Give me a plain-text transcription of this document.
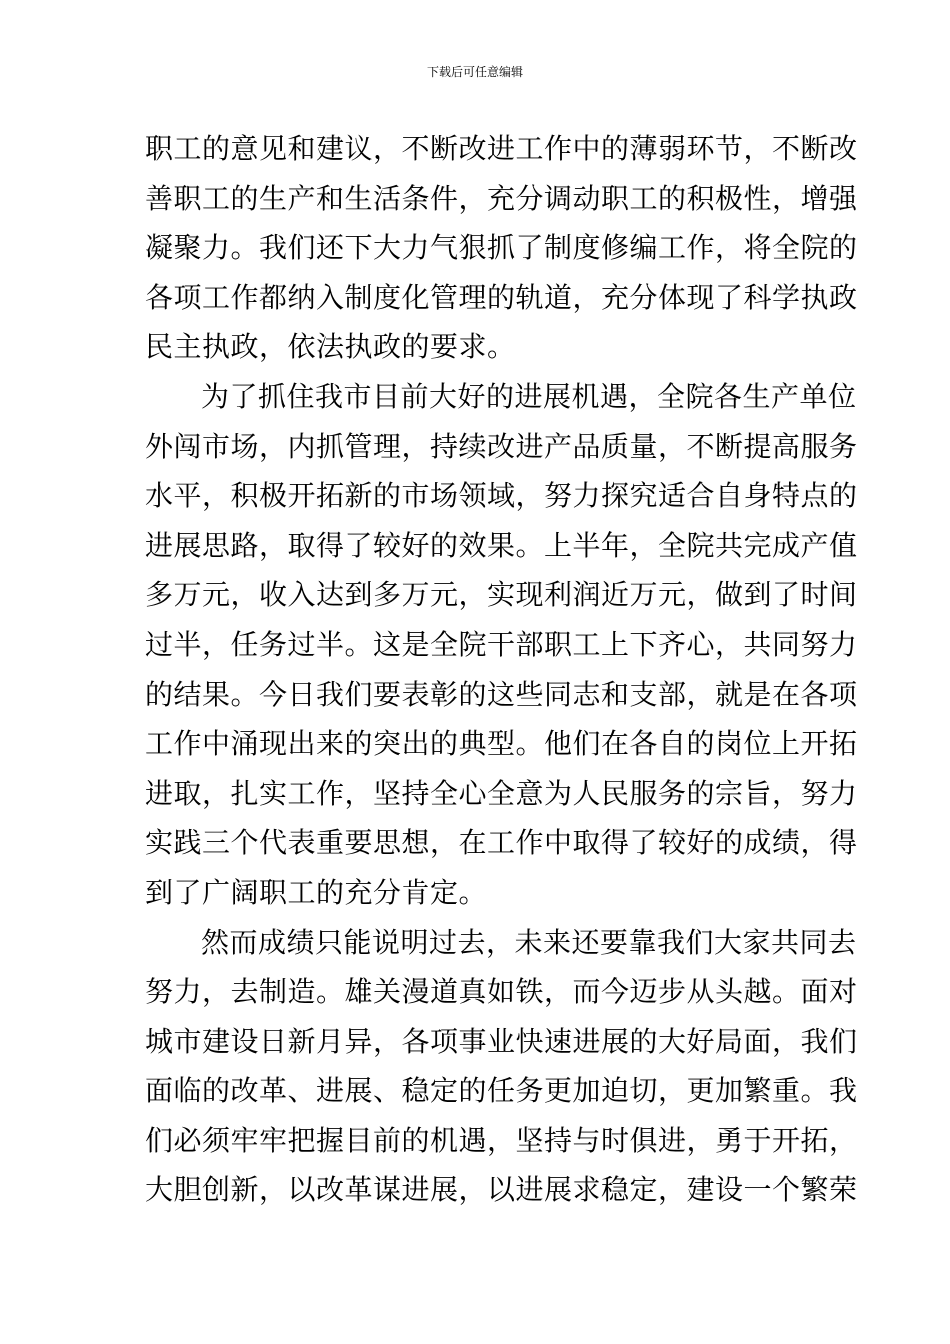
下载后可任意编辑
职工的意见和建议，不断改进工作中的薄弱环节，不断改
善职工的生产和生活条件，充分调动职工的积极性，增强
凝聚力。我们还下大力气狠抓了制度修编工作，将全院的
各项工作都纳入制度化管理的轨道，充分体现了科学执政
民主执政，依法执政的要求。
为了抓住我市目前大好的进展机遇，全院各生产单位
外闯市场，内抓管理，持续改进产品质量，不断提高服务
水平，积极开拓新的市场领域，努力探究适合自身特点的
进展思路，取得了较好的效果。上半年，全院共完成产值
多万元，收入达到多万元，实现利润近万元，做到了时间
过半，任务过半。这是全院干部职工上下齐心，共同努力
的结果。今日我们要表彰的这些同志和支部，就是在各项
工作中涌现出来的突出的典型。他们在各自的岗位上开拓
进取，扎实工作，坚持全心全意为人民服务的宗旨，努力
实践三个代表重要思想，在工作中取得了较好的成绩，得
到了广阔职工的充分肯定。
然而成绩只能说明过去，未来还要靠我们大家共同去
努力，去制造。雄关漫道真如铁，而今迈步从头越。面对
城市建设日新月异，各项事业快速进展的大好局面，我们
面临的改革、进展、稳定的任务更加迫切，更加繁重。我
们必须牢牢把握目前的机遇，坚持与时俱进，勇于开拓，
大胆创新，以改革谋进展，以进展求稳定，建设一个繁荣
